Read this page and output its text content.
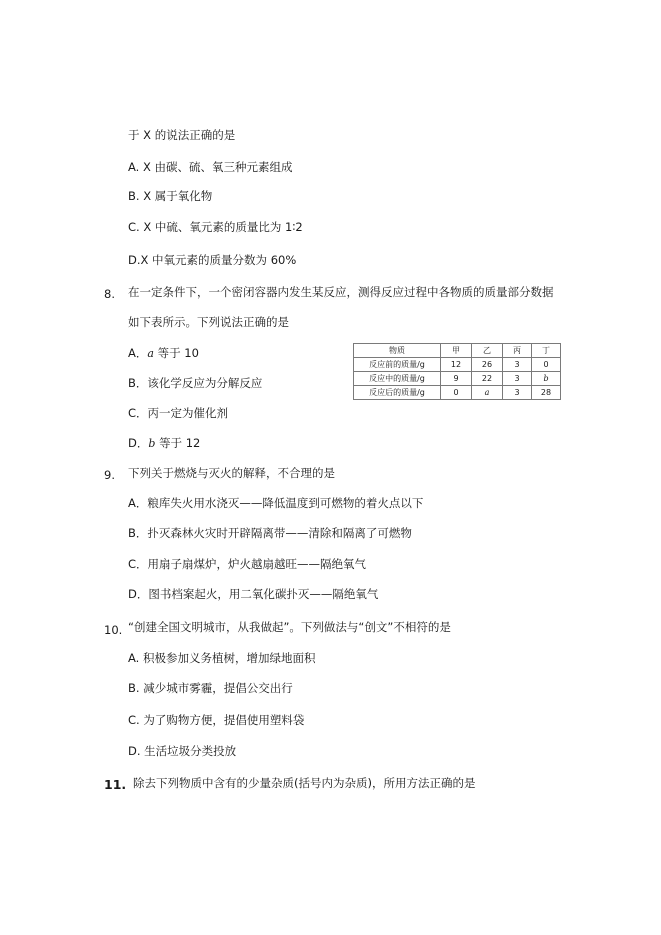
于 X 的说法正确的是
A. X 由碳、硫、氧三种元素组成
B. X 属于氧化物
C. X 中硫、氧元素的质量比为 1∶2
D.X 中氧元素的质量分数为 60%
8. 在一定条件下，一个密闭容器内发生某反应，测得反应过程中各物质的质量部分数据
如下表所示。下列说法正确的是
A．a 等于 10
B．该化学反应为分解反应
C．丙一定为催化剂
D．b 等于 12
物质	甲	乙	丙	丁
反应前的质量/g	12	26	3	0
反应中的质量/g	9	22	3	b
反应后的质量/g	0	a	3	28
9. 下列关于燃烧与灭火的解释，不合理的是
A．粮库失火用水浇灭——降低温度到可燃物的着火点以下
B．扑灭森林火灾时开辟隔离带——清除和隔离了可燃物
C．用扇子扇煤炉，炉火越扇越旺——隔绝氧气
D．图书档案起火，用二氧化碳扑灭——隔绝氧气
10. “创建全国文明城市，从我做起”。下列做法与“创文”不相符的是
A. 积极参加义务植树，增加绿地面积
B. 减少城市雾霾，提倡公交出行
C. 为了购物方便，提倡使用塑料袋
D. 生活垃圾分类投放
11. 除去下列物质中含有的少量杂质(括号内为杂质)，所用方法正确的是
